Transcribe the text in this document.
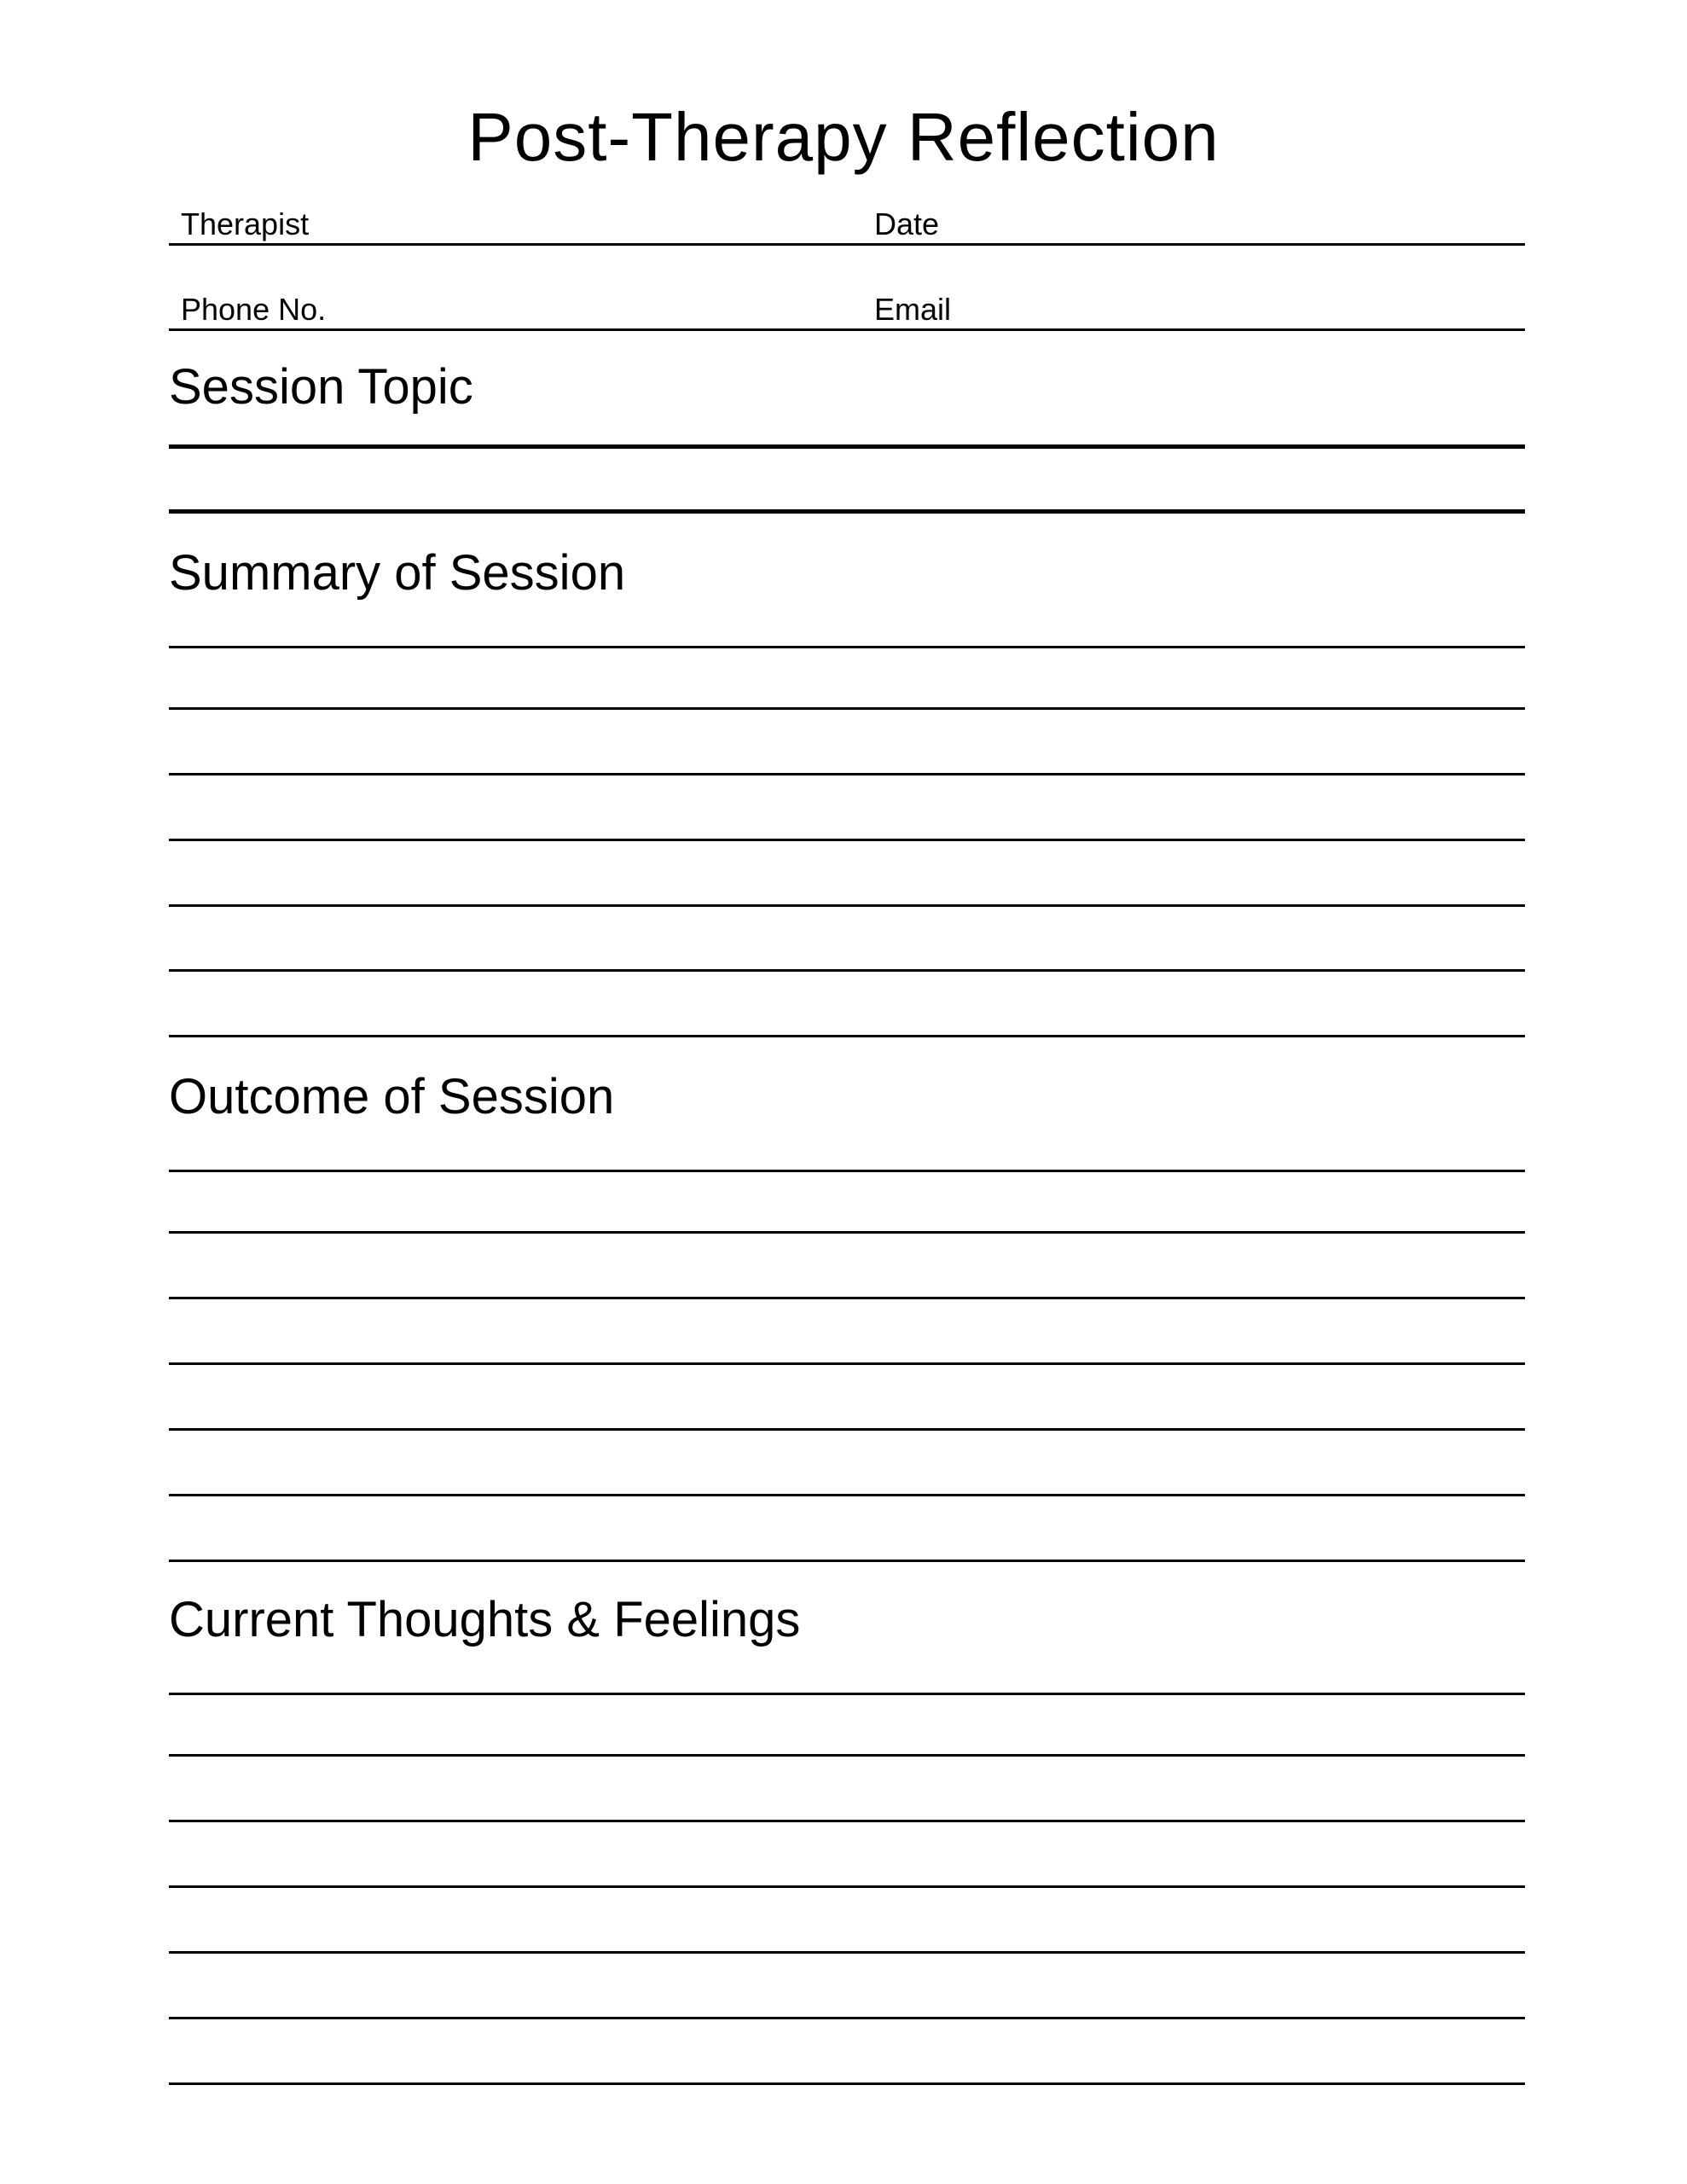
Post-Therapy Reflection
Therapist	Date
Phone No.	Email
Session Topic
Summary of Session
Outcome of Session
Current Thoughts & Feelings
